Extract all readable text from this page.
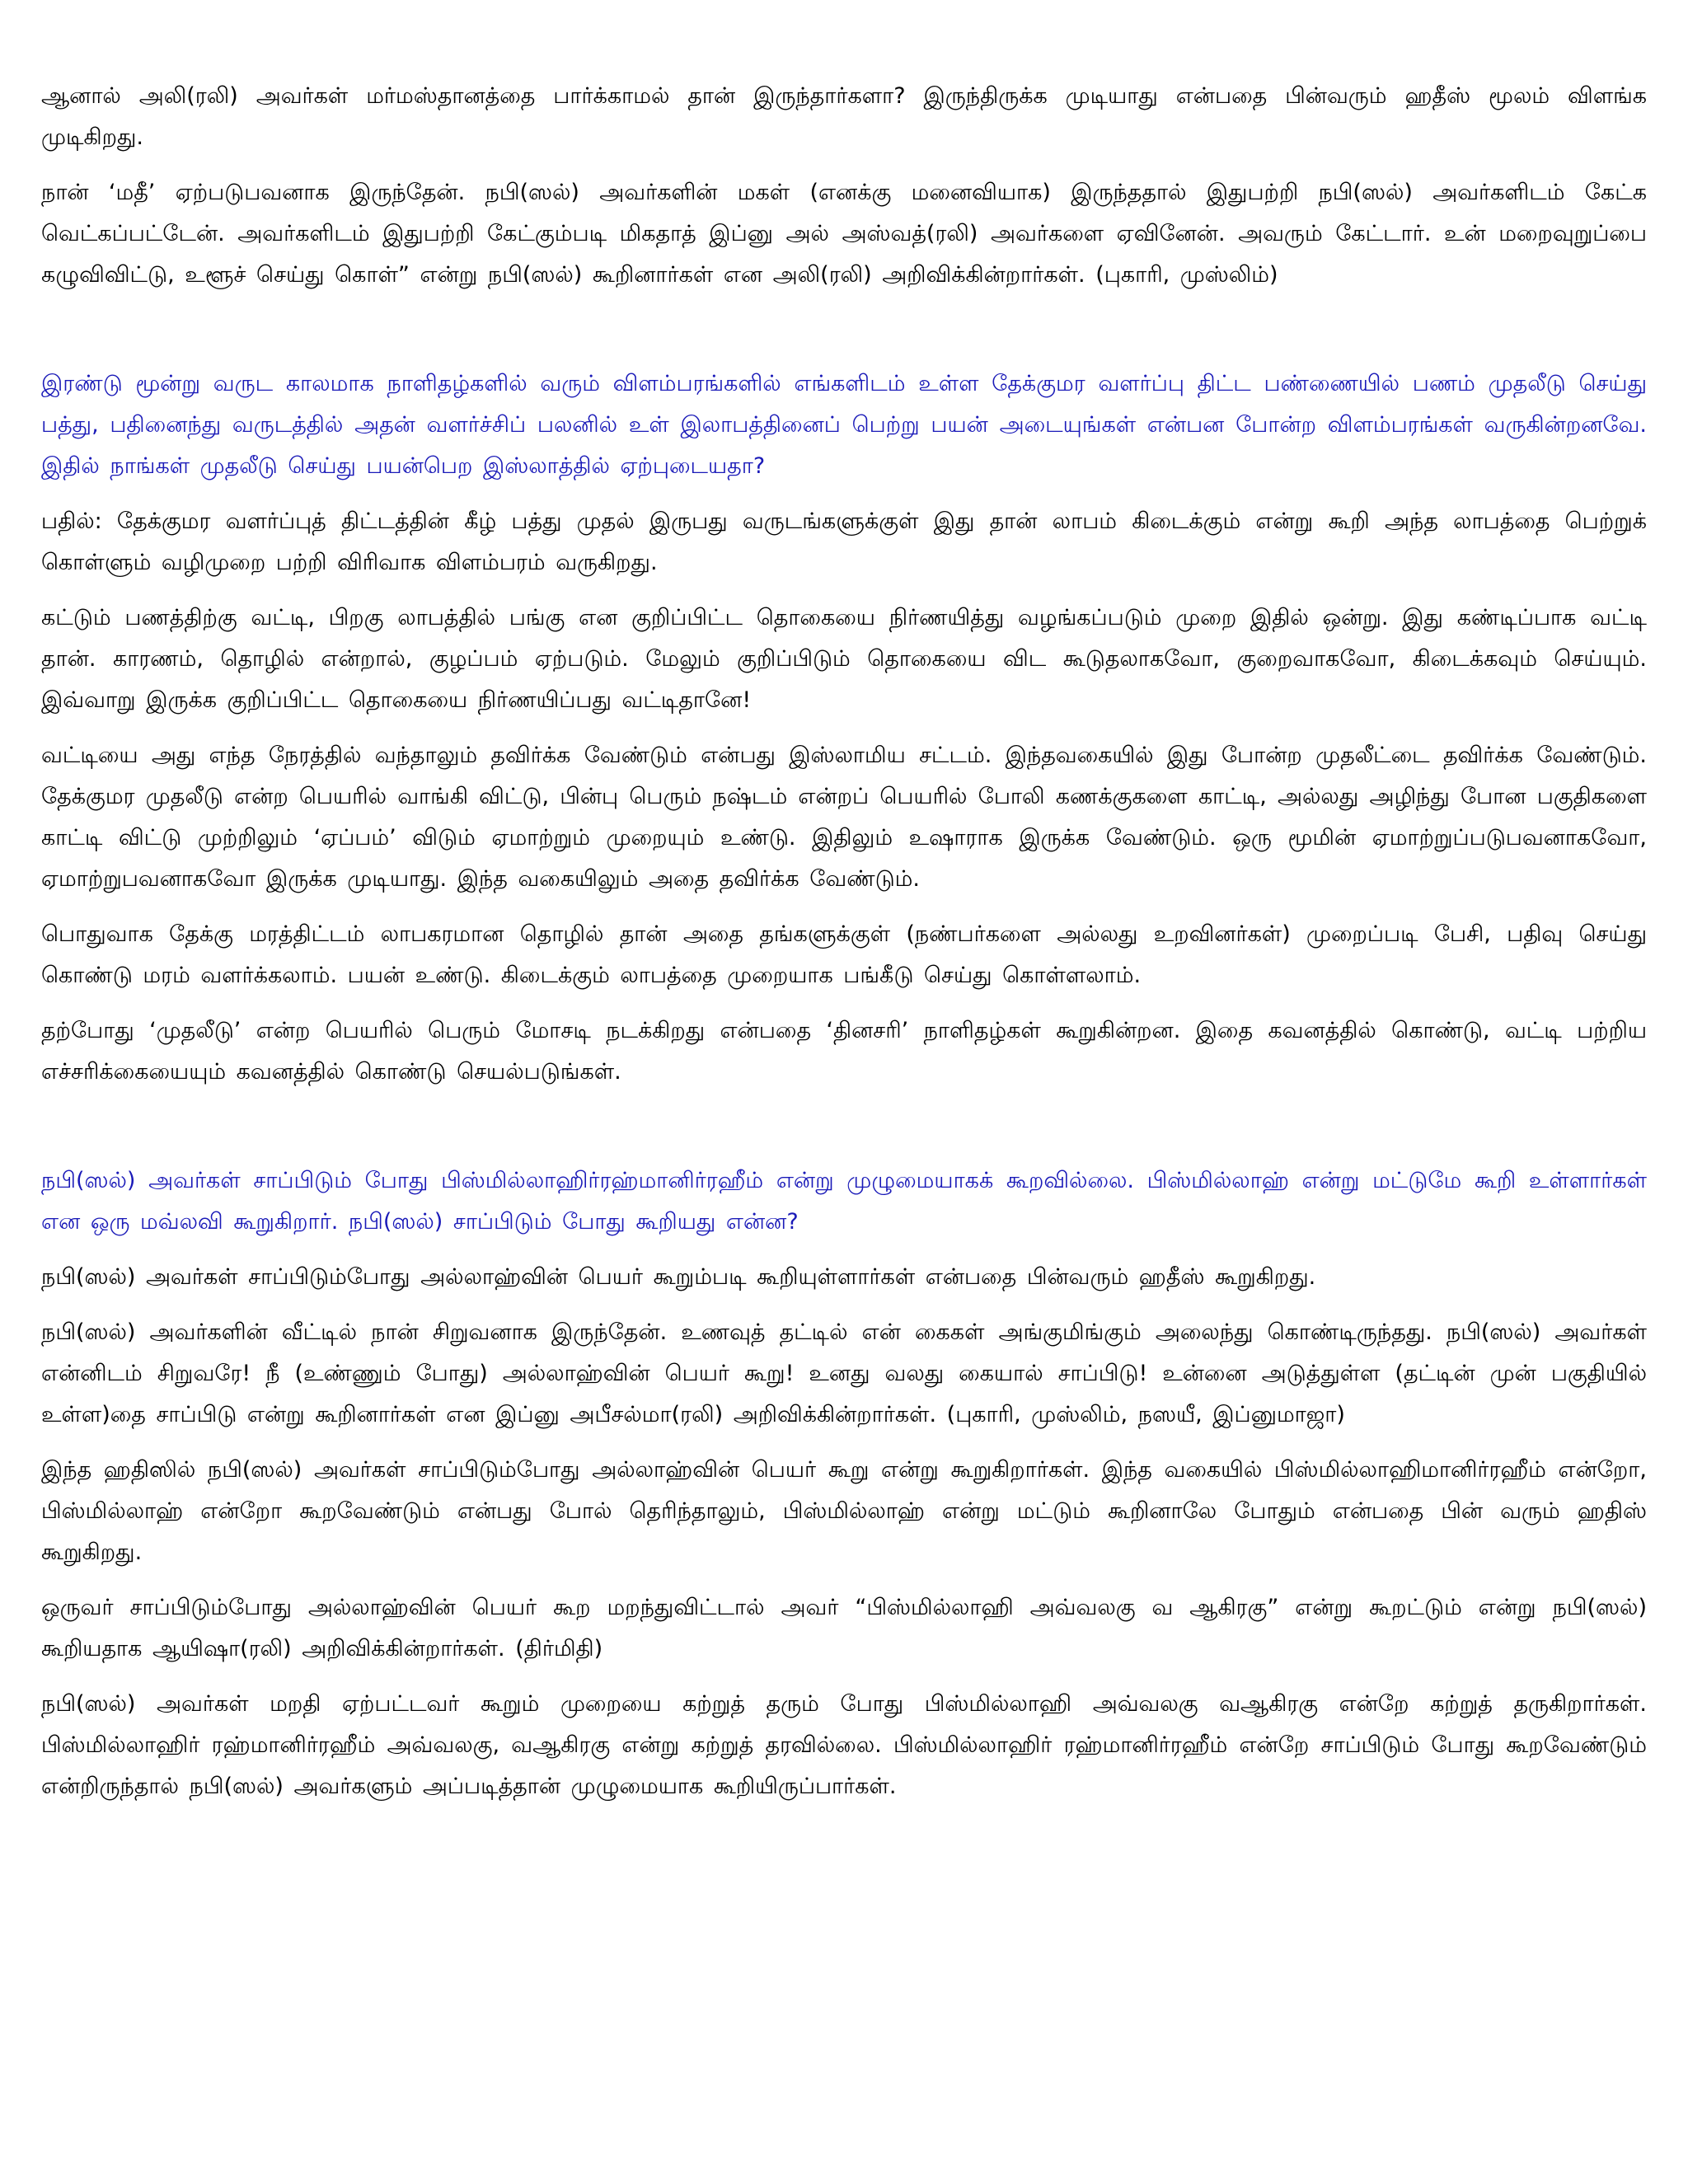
ஆனால் அலி(ரலி) அவர்கள் மர்மஸ்தானத்தை பார்க்காமல் தான் இருந்தார்களா? இருந்திருக்க முடியாது என்பதை பின்வரும் ஹதீஸ் மூலம் விளங்க முடிகிறது.

நான் ‘மதீ’ ஏற்படுபவனாக இருந்தேன். நபி(ஸல்) அவர்களின் மகள் (எனக்கு மனைவியாக) இருந்ததால் இதுபற்றி நபி(ஸல்) அவர்களிடம் கேட்க வெட்கப்பட்டேன். அவர்களிடம் இதுபற்றி கேட்கும்படி மிகதாத் இப்னு அல் அஸ்வத்(ரலி) அவர்களை ஏவினேன். அவரும் கேட்டார். உன் மறைவுறுப்பை கழுவிவிட்டு, உளூச் செய்து கொள்” என்று நபி(ஸல்) கூறினார்கள் என அலி(ரலி) அறிவிக்கின்றார்கள். (புகாரி, முஸ்லிம்)

இரண்டு மூன்று வருட காலமாக நாளிதழ்களில் வரும் விளம்பரங்களில் எங்களிடம் உள்ள தேக்குமர வளர்ப்பு திட்ட பண்ணையில் பணம் முதலீடு செய்து பத்து, பதினைந்து வருடத்தில் அதன் வளர்ச்சிப் பலனில் உள் இலாபத்தினைப் பெற்று பயன் அடையுங்கள் என்பன போன்ற விளம்பரங்கள் வருகின்றனவே. இதில் நாங்கள் முதலீடு செய்து பயன்பெற இஸ்லாத்தில் ஏற்புடையதா?

பதில்: தேக்குமர வளர்ப்புத் திட்டத்தின் கீழ் பத்து முதல் இருபது வருடங்களுக்குள் இது தான் லாபம் கிடைக்கும் என்று கூறி அந்த லாபத்தை பெற்றுக் கொள்ளும் வழிமுறை பற்றி விரிவாக விளம்பரம் வருகிறது.

கட்டும் பணத்திற்கு வட்டி, பிறகு லாபத்தில் பங்கு என குறிப்பிட்ட தொகையை நிர்ணயித்து வழங்கப்படும் முறை இதில் ஒன்று. இது கண்டிப்பாக வட்டி தான். காரணம், தொழில் என்றால், குழப்பம் ஏற்படும். மேலும் குறிப்பிடும் தொகையை விட கூடுதலாகவோ, குறைவாகவோ, கிடைக்கவும் செய்யும். இவ்வாறு இருக்க குறிப்பிட்ட தொகையை நிர்ணயிப்பது வட்டிதானே!

வட்டியை அது எந்த நேரத்தில் வந்தாலும் தவிர்க்க வேண்டும் என்பது இஸ்லாமிய சட்டம். இந்தவகையில் இது போன்ற முதலீட்டை தவிர்க்க வேண்டும். தேக்குமர முதலீடு என்ற பெயரில் வாங்கி விட்டு, பின்பு பெரும் நஷ்டம் என்றப் பெயரில் போலி கணக்குகளை காட்டி, அல்லது அழிந்து போன பகுதிகளை காட்டி விட்டு முற்றிலும் ‘ஏப்பம்’ விடும் ஏமாற்றும் முறையும் உண்டு. இதிலும் உஷாராக இருக்க வேண்டும். ஒரு மூமின் ஏமாற்றுப்படுபவனாகவோ, ஏமாற்றுபவனாகவோ இருக்க முடியாது. இந்த வகையிலும் அதை தவிர்க்க வேண்டும்.

பொதுவாக தேக்கு மரத்திட்டம் லாபகரமான தொழில் தான் அதை தங்களுக்குள் (நண்பர்களை அல்லது உறவினர்கள்) முறைப்படி பேசி, பதிவு செய்து கொண்டு மரம் வளர்க்கலாம். பயன் உண்டு. கிடைக்கும் லாபத்தை முறையாக பங்கீடு செய்து கொள்ளலாம்.

தற்போது ‘முதலீடு’ என்ற பெயரில் பெரும் மோசடி நடக்கிறது என்பதை ‘தினசரி’ நாளிதழ்கள் கூறுகின்றன. இதை கவனத்தில் கொண்டு, வட்டி பற்றிய எச்சரிக்கையையும் கவனத்தில் கொண்டு செயல்படுங்கள்.

நபி(ஸல்) அவர்கள் சாப்பிடும் போது பிஸ்மில்லாஹிர்ரஹ்மானிர்ரஹீம் என்று முழுமையாகக் கூறவில்லை. பிஸ்மில்லாஹ் என்று மட்டுமே கூறி உள்ளார்கள் என ஒரு மவ்லவி கூறுகிறார். நபி(ஸல்) சாப்பிடும் போது கூறியது என்ன?

நபி(ஸல்) அவர்கள் சாப்பிடும்போது அல்லாஹ்வின் பெயர் கூறும்படி கூறியுள்ளார்கள் என்பதை பின்வரும் ஹதீஸ் கூறுகிறது.

நபி(ஸல்) அவர்களின் வீட்டில் நான் சிறுவனாக இருந்தேன். உணவுத் தட்டில் என் கைகள் அங்குமிங்கும் அலைந்து கொண்டிருந்தது. நபி(ஸல்) அவர்கள் என்னிடம் சிறுவரே! நீ (உண்ணும் போது) அல்லாஹ்வின் பெயர் கூறு! உனது வலது கையால் சாப்பிடு! உன்னை அடுத்துள்ள (தட்டின் முன் பகுதியில் உள்ள)தை சாப்பிடு என்று கூறினார்கள் என இப்னு அபீசல்மா(ரலி) அறிவிக்கின்றார்கள். (புகாரி, முஸ்லிம், நஸயீ, இப்னுமாஜா)

இந்த ஹதிஸில் நபி(ஸல்) அவர்கள் சாப்பிடும்போது அல்லாஹ்வின் பெயர் கூறு என்று கூறுகிறார்கள். இந்த வகையில் பிஸ்மில்லாஹிமானிர்ரஹீம் என்றோ, பிஸ்மில்லாஹ் என்றோ கூறவேண்டும் என்பது போல் தெரிந்தாலும், பிஸ்மில்லாஹ் என்று மட்டும் கூறினாலே போதும் என்பதை பின் வரும் ஹதிஸ் கூறுகிறது.

ஒருவர் சாப்பிடும்போது அல்லாஹ்வின் பெயர் கூற மறந்துவிட்டால் அவர் “பிஸ்மில்லாஹி அவ்வலகு வ ஆகிரகு” என்று கூறட்டும் என்று நபி(ஸல்) கூறியதாக ஆயிஷா(ரலி) அறிவிக்கின்றார்கள். (திர்மிதி)

நபி(ஸல்) அவர்கள் மறதி ஏற்பட்டவர் கூறும் முறையை கற்றுத் தரும் போது பிஸ்மில்லாஹி அவ்வலகு வஆகிரகு என்றே கற்றுத் தருகிறார்கள். பிஸ்மில்லாஹிர் ரஹ்மானிர்ரஹீம் அவ்வலகு, வஆகிரகு என்று கற்றுத் தரவில்லை. பிஸ்மில்லாஹிர் ரஹ்மானிர்ரஹீம் என்றே சாப்பிடும் போது கூறவேண்டும் என்றிருந்தால் நபி(ஸல்) அவர்களும் அப்படித்தான் முழுமையாக கூறியிருப்பார்கள்.
